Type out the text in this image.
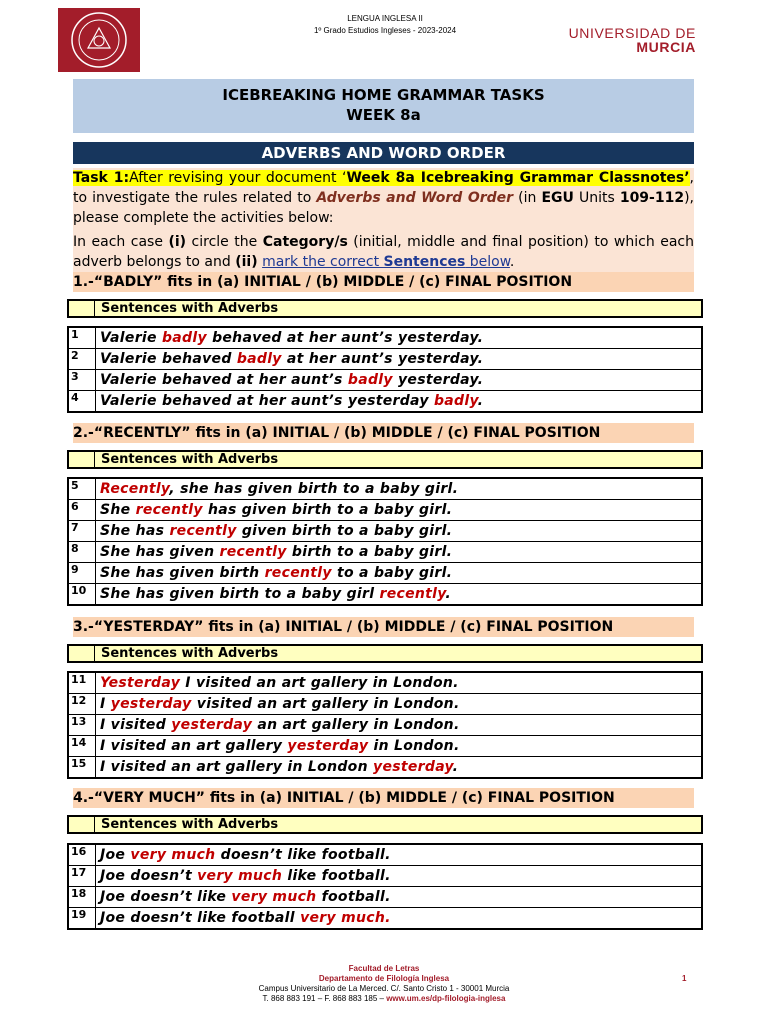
LENGUA INGLESA II
1º Grado Estudios Ingleses - 2023-2024	UNIVERSIDAD DE
MURCIA
ICEBREAKING HOME GRAMMAR TASKS
WEEK 8a
ADVERBS AND WORD ORDER

Task 1:After revising your document ‘Week 8a Icebreaking Grammar Classnotes’, to investigate the rules related to Adverbs and Word Order (in EGU Units 109-112), please complete the activities below:

In each case (i) circle the Category/s (initial, middle and final position) to which each adverb belongs to and (ii) mark the correct Sentences below.

1.-“BADLY” fits in (a) INITIAL / (b) MIDDLE / (c) FINAL POSITION
Sentences with Adverbs
1	Valerie badly behaved at her aunt’s yesterday.
2	Valerie behaved badly at her aunt’s yesterday.
3	Valerie behaved at her aunt’s badly yesterday.
4	Valerie behaved at her aunt’s yesterday badly.
2.-“RECENTLY” fits in (a) INITIAL / (b) MIDDLE / (c) FINAL POSITION
Sentences with Adverbs
5	Recently, she has given birth to a baby girl.
6	She recently has given birth to a baby girl.
7	She has recently given birth to a baby girl.
8	She has given recently birth to a baby girl.
9	She has given birth recently to a baby girl.
10	She has given birth to a baby girl recently.
3.-“YESTERDAY” fits in (a) INITIAL / (b) MIDDLE / (c) FINAL POSITION
Sentences with Adverbs
11	Yesterday I visited an art gallery in London.
12	I yesterday visited an art gallery in London.
13	I visited yesterday an art gallery in London.
14	I visited an art gallery yesterday in London.
15	I visited an art gallery in London yesterday.
4.-“VERY MUCH” fits in (a) INITIAL / (b) MIDDLE / (c) FINAL POSITION
Sentences with Adverbs
16	Joe very much doesn’t like football.
17	Joe doesn’t very much like football.
18	Joe doesn’t like very much football.
19	Joe doesn’t like football very much.
Facultad de Letras
Departamento de Filología Inglesa
Campus Universitario de La Merced. C/. Santo Cristo 1 - 30001 Murcia
T. 868 883 191 – F. 868 883 185 – www.um.es/dp-filologia-inglesa
1
